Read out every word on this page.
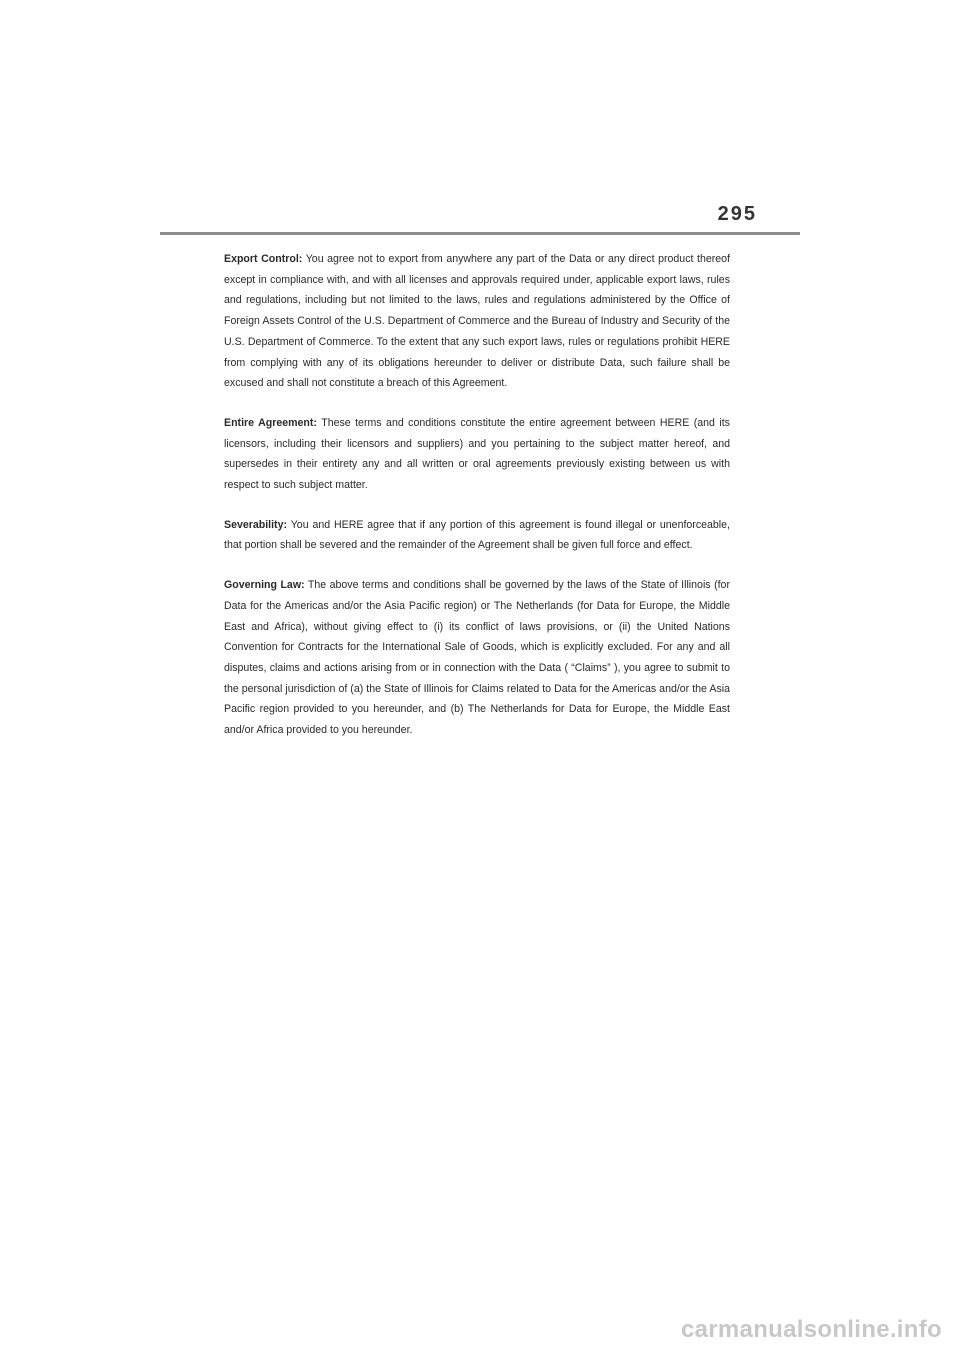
295

Export Control: You agree not to export from anywhere any part of the Data or any direct product thereof except in compliance with, and with all licenses and approvals required under, applicable export laws, rules and regulations, including but not limited to the laws, rules and regulations administered by the Office of Foreign Assets Control of the U.S. Department of Commerce and the Bureau of Industry and Security of the U.S. Department of Commerce. To the extent that any such export laws, rules or regulations prohibit HERE from complying with any of its obligations hereunder to deliver or distribute Data, such failure shall be excused and shall not constitute a breach of this Agreement.

Entire Agreement: These terms and conditions constitute the entire agreement between HERE (and its licensors, including their licensors and suppliers) and you pertaining to the subject matter hereof, and supersedes in their entirety any and all written or oral agreements previously existing between us with respect to such subject matter.

Severability: You and HERE agree that if any portion of this agreement is found illegal or unenforceable, that portion shall be severed and the remainder of the Agreement shall be given full force and effect.

Governing Law: The above terms and conditions shall be governed by the laws of the State of Illinois (for Data for the Americas and/or the Asia Pacific region) or The Netherlands (for Data for Europe, the Middle East and Africa), without giving effect to (i) its conflict of laws provisions, or (ii) the United Nations Convention for Contracts for the International Sale of Goods, which is explicitly excluded. For any and all disputes, claims and actions arising from or in connection with the Data ( “Claims” ), you agree to submit to the personal jurisdiction of (a) the State of Illinois for Claims related to Data for the Americas and/or the Asia Pacific region provided to you hereunder, and (b) The Netherlands for Data for Europe, the Middle East and/or Africa provided to you hereunder.

carmanualsonline.info
